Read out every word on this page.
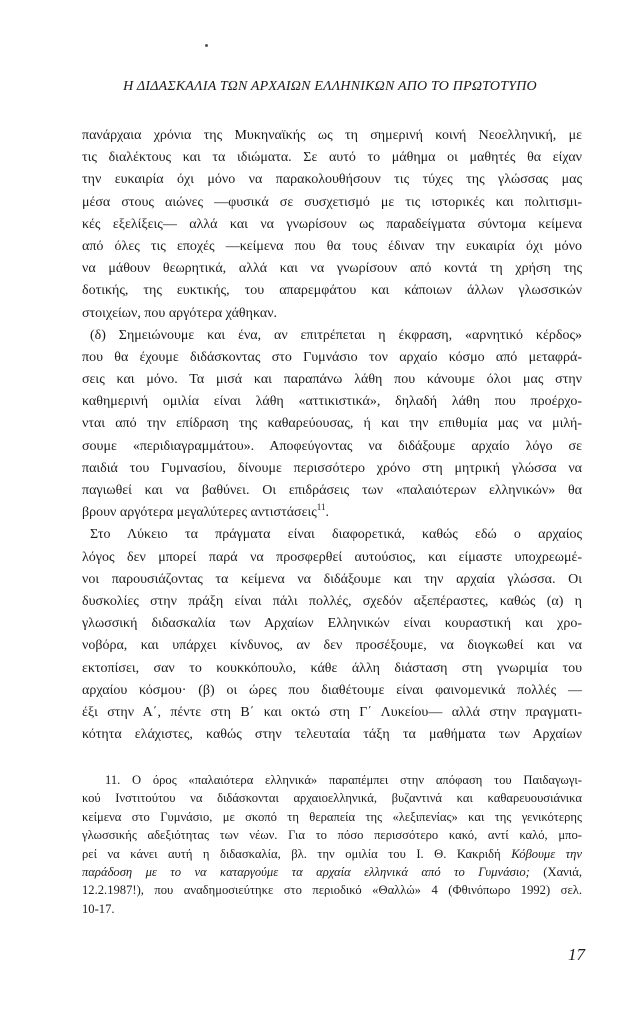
Η ΔΙΔΑΣΚΑΛΙΑ ΤΩΝ ΑΡΧΑΙΩΝ ΕΛΛΗΝΙΚΩΝ ΑΠΟ ΤΟ ΠΡΩΤΟΤΥΠΟ
πανάρχαια χρόνια της Μυκηναϊκής ως τη σημερινή κοινή Νεοελληνική, με
τις διαλέκτους και τα ιδιώματα. Σε αυτό το μάθημα οι μαθητές θα είχαν
την ευκαιρία όχι μόνο να παρακολουθήσουν τις τύχες της γλώσσας μας
μέσα στους αιώνες —φυσικά σε συσχετισμό με τις ιστορικές και πολιτισμι-
κές εξελίξεις— αλλά και να γνωρίσουν ως παραδείγματα σύντομα κείμενα
από όλες τις εποχές —κείμενα που θα τους έδιναν την ευκαιρία όχι μόνο
να μάθουν θεωρητικά, αλλά και να γνωρίσουν από κοντά τη χρήση της
δοτικής, της ευκτικής, του απαρεμφάτου και κάποιων άλλων γλωσσικών
στοιχείων, που αργότερα χάθηκαν.
(δ) Σημειώνουμε και ένα, αν επιτρέπεται η έκφραση, «αρνητικό κέρδος»
που θα έχουμε διδάσκοντας στο Γυμνάσιο τον αρχαίο κόσμο από μεταφρά-
σεις και μόνο. Τα μισά και παραπάνω λάθη που κάνουμε όλοι μας στην
καθημερινή ομιλία είναι λάθη «αττικιστικά», δηλαδή λάθη που προέρχο-
νται από την επίδραση της καθαρεύουσας, ή και την επιθυμία μας να μιλή-
σουμε «περιδιαγραμμάτου». Αποφεύγοντας να διδάξουμε αρχαίο λόγο σε
παιδιά του Γυμνασίου, δίνουμε περισσότερο χρόνο στη μητρική γλώσσα να
παγιωθεί και να βαθύνει. Οι επιδράσεις των «παλαιότερων ελληνικών» θα
βρουν αργότερα μεγαλύτερες αντιστάσεις$^{11}$.
Στο Λύκειο τα πράγματα είναι διαφορετικά, καθώς εδώ ο αρχαίος
λόγος δεν μπορεί παρά να προσφερθεί αυτούσιος, και είμαστε υποχρεωμέ-
νοι παρουσιάζοντας τα κείμενα να διδάξουμε και την αρχαία γλώσσα. Οι
δυσκολίες στην πράξη είναι πάλι πολλές, σχεδόν αξεπέραστες, καθώς (α) η
γλωσσική διδασκαλία των Αρχαίων Ελληνικών είναι κουραστική και χρο-
νοβόρα, και υπάρχει κίνδυνος, αν δεν προσέξουμε, να διογκωθεί και να
εκτοπίσει, σαν το κουκκόπουλο, κάθε άλλη διάσταση στη γνωριμία του
αρχαίου κόσμου· (β) οι ώρες που διαθέτουμε είναι φαινομενικά πολλές —
έξι στην Α΄, πέντε στη Β΄ και οκτώ στη Γ΄ Λυκείου— αλλά στην πραγματι-
κότητα ελάχιστες, καθώς στην τελευταία τάξη τα μαθήματα των Αρχαίων
11. Ο όρος «παλαιότερα ελληνικά» παραπέμπει στην απόφαση του Παιδαγωγι-
κού Ινστιτούτου να διδάσκονται αρχαιοελληνικά, βυζαντινά και καθαρευουσιάνικα
κείμενα στο Γυμνάσιο, με σκοπό τη θεραπεία της «λεξιπενίας» και της γενικότερης
γλωσσικής αδεξιότητας των νέων. Για το πόσο περισσότερο κακό, αντί καλό, μπο-
ρεί να κάνει αυτή η διδασκαλία, βλ. την ομιλία του Ι. Θ. Κακριδή Κόβουμε την
παράδοση με το να καταργούμε τα αρχαία ελληνικά από το Γυμνάσιο; (Χανιά,
12.2.1987!), που αναδημοσιεύτηκε στο περιοδικό «Θαλλώ» 4 (Φθινόπωρο 1992) σελ.
10-17.
17
